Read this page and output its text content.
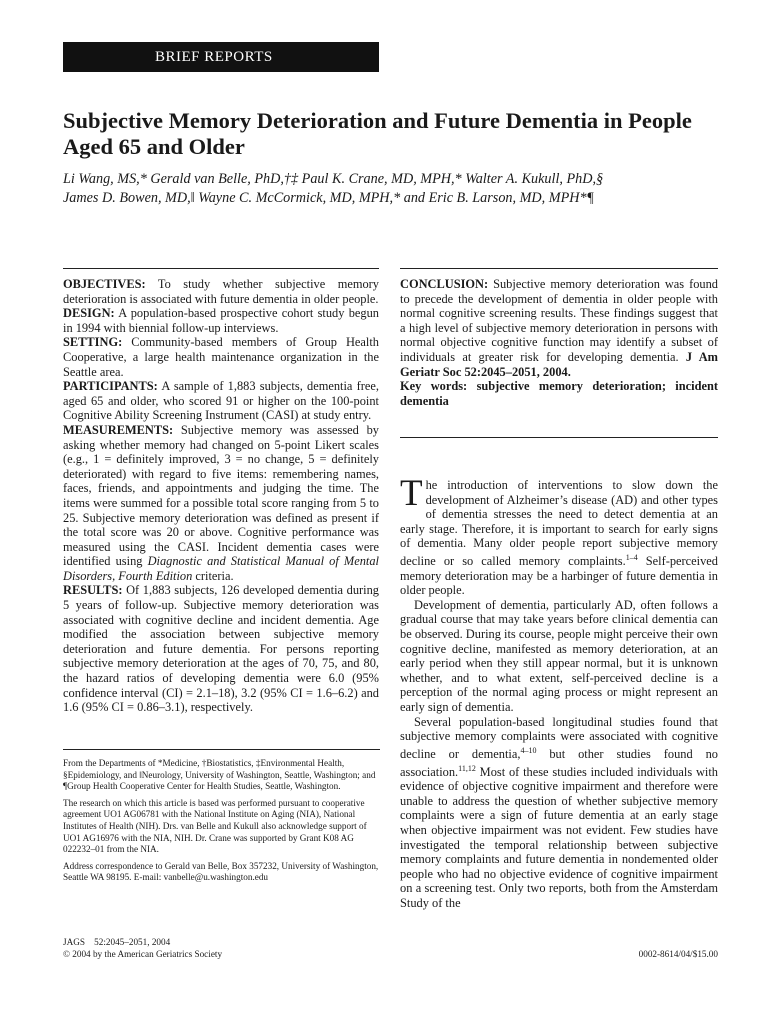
BRIEF REPORTS
Subjective Memory Deterioration and Future Dementia in People Aged 65 and Older
Li Wang, MS,* Gerald van Belle, PhD,†‡ Paul K. Crane, MD, MPH,* Walter A. Kukull, PhD,§
James D. Bowen, MD,‖ Wayne C. McCormick, MD, MPH,* and Eric B. Larson, MD, MPH*¶

OBJECTIVES: To study whether subjective memory deterioration is associated with future dementia in older people.

DESIGN: A population-based prospective cohort study begun in 1994 with biennial follow-up interviews.

SETTING: Community-based members of Group Health Cooperative, a large health maintenance organization in the Seattle area.

PARTICIPANTS: A sample of 1,883 subjects, dementia free, aged 65 and older, who scored 91 or higher on the 100-point Cognitive Ability Screening Instrument (CASI) at study entry.

MEASUREMENTS: Subjective memory was assessed by asking whether memory had changed on 5-point Likert scales (e.g., 1 = definitely improved, 3 = no change, 5 = definitely deteriorated) with regard to five items: remembering names, faces, friends, and appointments and judging the time. The items were summed for a possible total score ranging from 5 to 25. Subjective memory deterioration was defined as present if the total score was 20 or above. Cognitive performance was measured using the CASI. Incident dementia cases were identified using Diagnostic and Statistical Manual of Mental Disorders, Fourth Edition criteria.

RESULTS: Of 1,883 subjects, 126 developed dementia during 5 years of follow-up. Subjective memory deterioration was associated with cognitive decline and incident dementia. Age modified the association between subjective memory deterioration and future dementia. For persons reporting subjective memory deterioration at the ages of 70, 75, and 80, the hazard ratios of developing dementia were 6.0 (95% confidence interval (CI) = 2.1–18), 3.2 (95% CI = 1.6–6.2) and 1.6 (95% CI = 0.86–3.1), respectively.

CONCLUSION: Subjective memory deterioration was found to precede the development of dementia in older people with normal cognitive screening results. These findings suggest that a high level of subjective memory deterioration in persons with normal objective cognitive function may identify a subset of individuals at greater risk for developing dementia. J Am Geriatr Soc 52:2045–2051, 2004.

Key words: subjective memory deterioration; incident dementia

From the Departments of *Medicine, †Biostatistics, ‡Environmental Health, §Epidemiology, and ‖Neurology, University of Washington, Seattle, Washington; and ¶Group Health Cooperative Center for Health Studies, Seattle, Washington.

The research on which this article is based was performed pursuant to cooperative agreement UO1 AG06781 with the National Institute on Aging (NIA), National Institutes of Health (NIH). Drs. van Belle and Kukull also acknowledge support of UO1 AG16976 with the NIA, NIH. Dr. Crane was supported by Grant K08 AG 022232–01 from the NIA.

Address correspondence to Gerald van Belle, Box 357232, University of Washington, Seattle WA 98195. E-mail: vanbelle@u.washington.edu

The introduction of interventions to slow down the development of Alzheimer’s disease (AD) and other types of dementia stresses the need to detect dementia at an early stage. Therefore, it is important to search for early signs of dementia. Many older people report subjective memory decline or so called memory complaints.$^{1-4}$ Self-perceived memory deterioration may be a harbinger of future dementia in older people.

Development of dementia, particularly AD, often follows a gradual course that may take years before clinical dementia can be observed. During its course, people might perceive their own cognitive decline, manifested as memory deterioration, at an early period when they still appear normal, but it is unknown whether, and to what extent, self-perceived decline is a perception of the normal aging process or might represent an early sign of dementia.

Several population-based longitudinal studies found that subjective memory complaints were associated with cognitive decline or dementia,$^{4-10}$ but other studies found no association.$^{11,12}$ Most of these studies included individuals with evidence of objective cognitive impairment and therefore were unable to address the question of whether subjective memory complaints were a sign of future dementia at an early stage when objective impairment was not evident. Few studies have investigated the temporal relationship between subjective memory complaints and future dementia in nondemented older people who had no objective evidence of cognitive impairment on a screening test. Only two reports, both from the Amsterdam Study of the

JAGS    52:2045–2051, 2004
© 2004 by the American Geriatrics Society	0002-8614/04/$15.00
